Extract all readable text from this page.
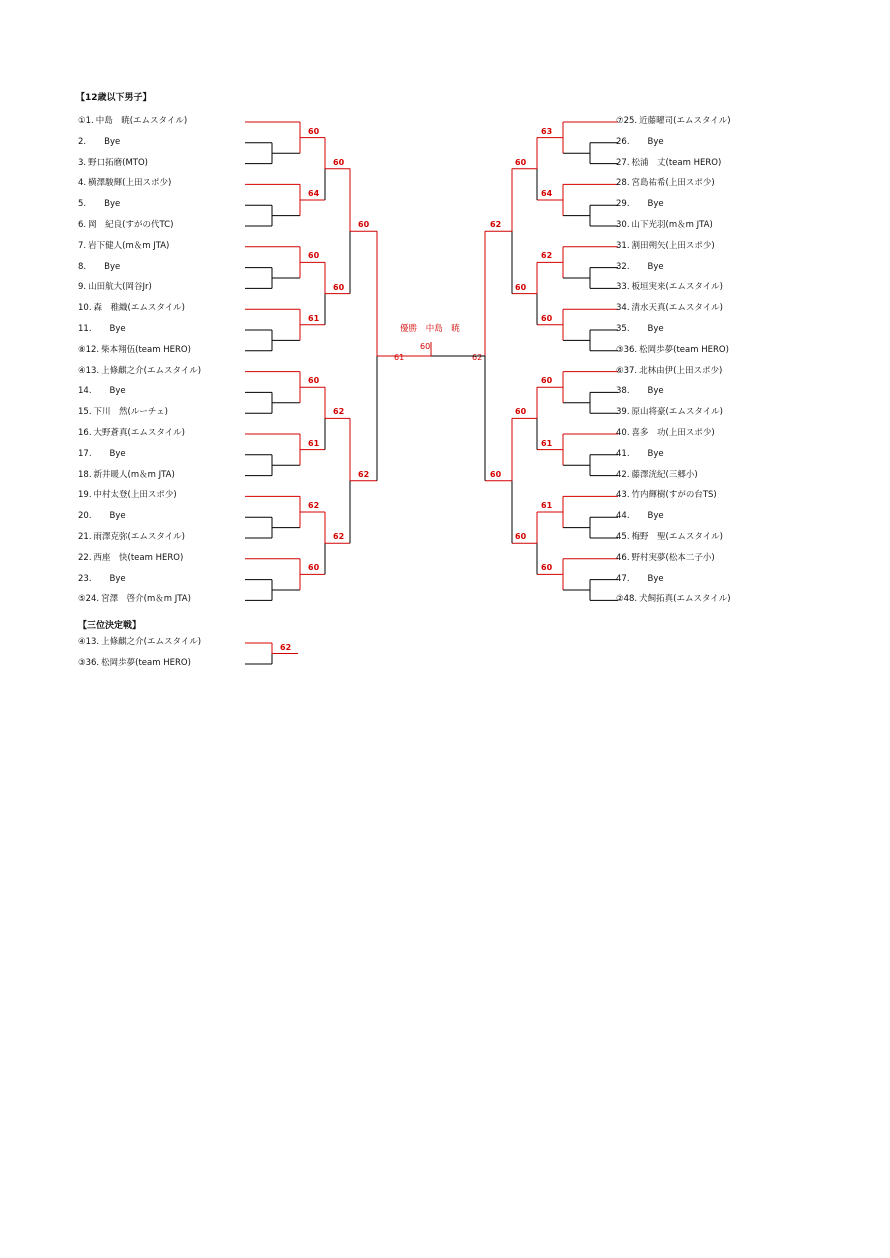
【12歳以下男子】
【三位決定戦】
優勝 中島　暁
60
61	62
①1. 中島　暁(エムスタイル)
2. Bye
3. 野口拓磨(MTO)
4. 横澤駿輝(上田スポ少)
5. Bye
6. 岡　紀良(すがの代TC)
7. 岩下健人(m＆m JTA)
8. Bye
9. 山田航大(岡谷Jr)
10. 森　稚織(エムスタイル)
11. Bye
⑧12. 柴本翔伍(team HERO)
④13. 上條麒之介(エムスタイル)
14. Bye
15. 下川　然(ルーチェ)
16. 大野蒼真(エムスタイル)
17. Bye
18. 新井暖人(m＆m JTA)
19. 中村太登(上田スポ少)
20. Bye
21. 雨澤克弥(エムスタイル)
22. 西座　快(team HERO)
23. Bye
⑤24. 宮澤　啓介(m＆m JTA)
60
64
60
61
60
61
62
60
60
60
62
62
60
62
⑦25. 近藤曜司(エムスタイル)
26. Bye
27. 松浦　丈(team HERO)
28. 宮島祐希(上田スポ少)
29. Bye
30. 山下光羽(m＆m JTA)
31. 割田朔矢(上田スポ少)
32. Bye
33. 板垣実来(エムスタイル)
34. 清水天真(エムスタイル)
35. Bye
③36. 松岡歩夢(team HERO)
⑥37. 北林由伊(上田スポ少)
38. Bye
39. 原山将豪(エムスタイル)
40. 喜多　功(上田スポ少)
41. Bye
42. 藤澤洸紀(三郷小)
43. 竹内輝樹(すがの台TS)
44. Bye
45. 梅野　聖(エムスタイル)
46. 野村実夢(松本二子小)
47. Bye
②48. 犬飼拓真(エムスタイル)
63
64
62
60
60
61
61
60
60
60
60
60
62
60
④13. 上條麒之介(エムスタイル)
③36. 松岡歩夢(team HERO)
62
